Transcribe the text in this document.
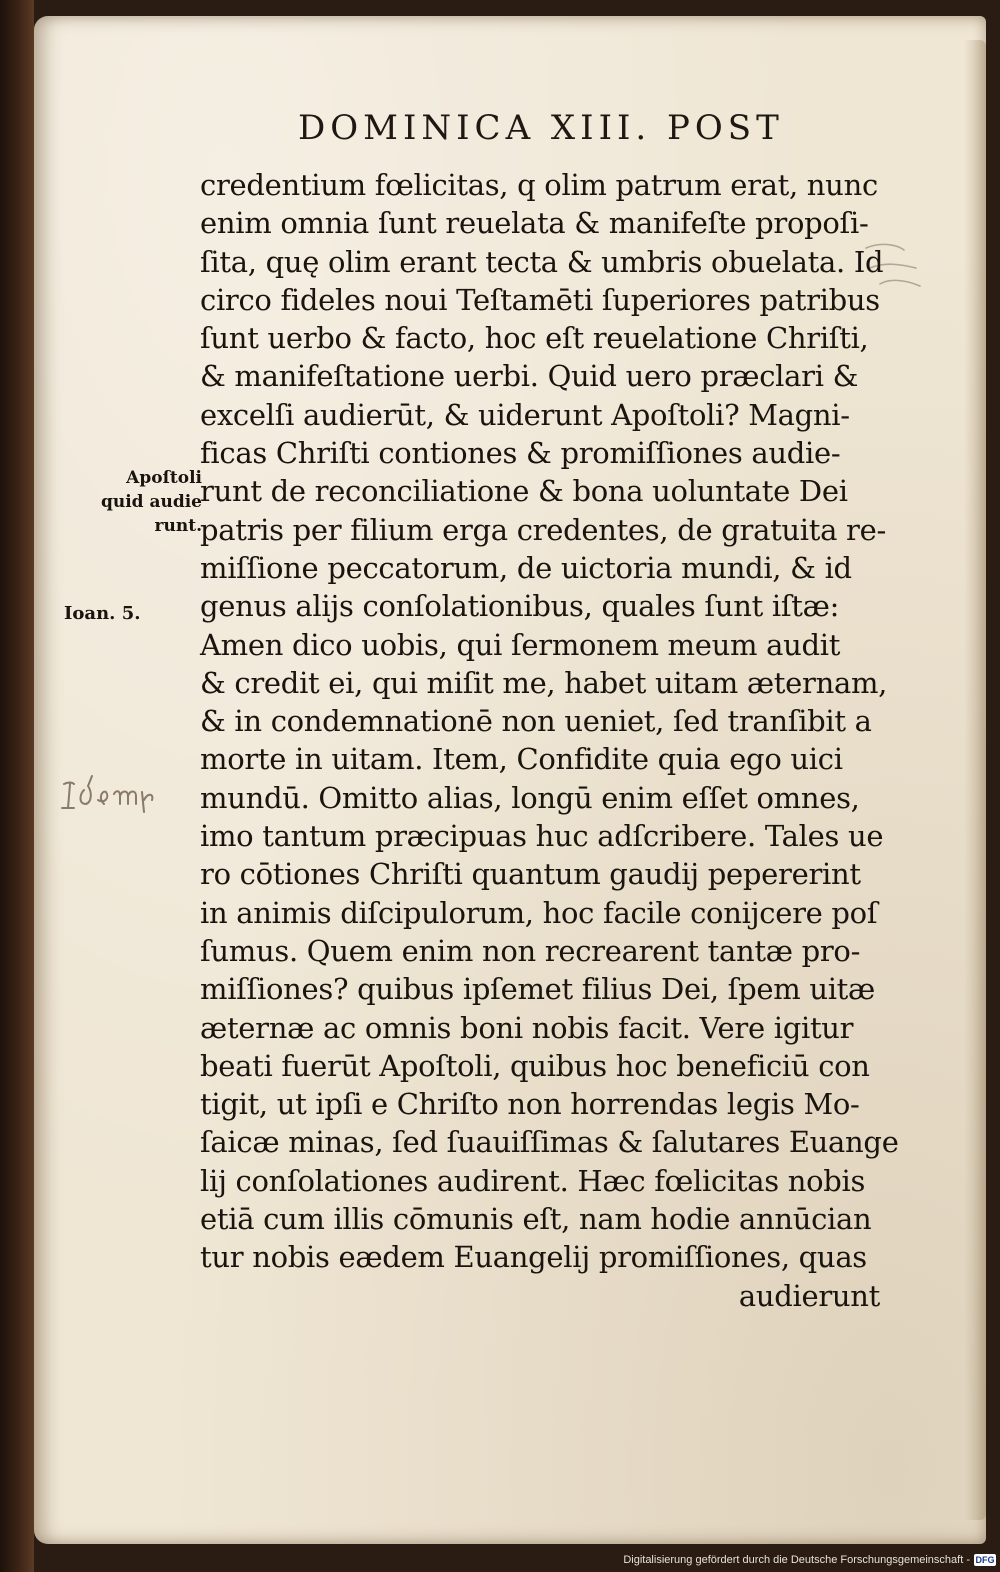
DOMINICA XIII. POST
Apoſtoli
quid audie
runt.
Ioan. 5.
credentium fœlicitas, q olim patrum erat, nunc
enim omnia ſunt reuelata & manifeſte propoſi-
ſita, quę olim erant tecta & umbris obuelata. Id
circo fideles noui Teſtamēti ſuperiores patribus
ſunt uerbo & facto, hoc eſt reuelatione Chriſti,
& manifeſtatione uerbi. Quid uero præclari &
excelſi audierūt, & uiderunt Apoſtoli? Magni-
ficas Chriſti contiones & promiſſiones audie-
runt de reconciliatione & bona uoluntate Dei
patris per filium erga credentes, de gratuita re-
miſſione peccatorum, de uictoria mundi, & id
genus alijs conſolationibus, quales ſunt iſtæ:
Amen dico uobis, qui ſermonem meum audit
& credit ei, qui miſit me, habet uitam æternam,
& in condemnationē non ueniet, ſed tranſibit a
morte in uitam. Item, Confidite quia ego uici
mundū. Omitto alias, longū enim eſſet omnes,
imo tantum præcipuas huc adſcribere. Tales ue
ro cōtiones Chriſti quantum gaudij pepererint
in animis diſcipulorum, hoc facile conijcere poſ
ſumus. Quem enim non recrearent tantæ pro-
miſſiones? quibus ipſemet filius Dei, ſpem uitæ
æternæ ac omnis boni nobis facit. Vere igitur
beati fuerūt Apoſtoli, quibus hoc beneficiū con
tigit, ut ipſi e Chriſto non horrendas legis Mo-
ſaicæ minas, ſed ſuauiſſimas & ſalutares Euange
lij conſolationes audirent. Hæc fœlicitas nobis
etiā cum illis cōmunis eſt, nam hodie annūcian
tur nobis eædem Euangelij promiſſiones, quas
audierunt
Digitalisierung gefördert durch die Deutsche Forschungsgemeinschaft - DFG
